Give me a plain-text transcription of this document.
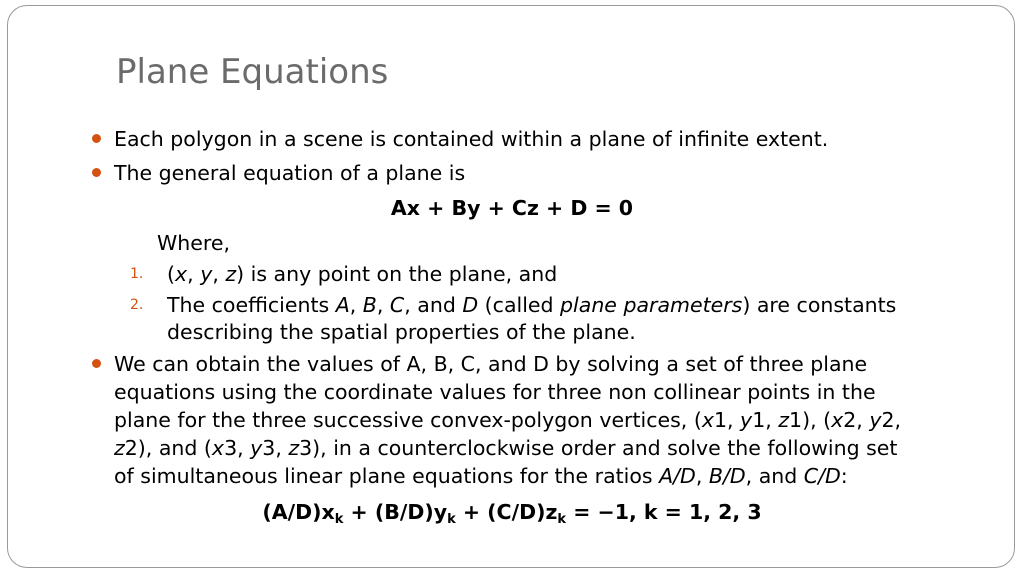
Plane Equations
Each polygon in a scene is contained within a plane of infinite extent.
The general equation of a plane is
Ax + By + Cz + D = 0
Where,
1. (x, y, z) is any point on the plane, and
2. The coefficients A, B, C, and D (called plane parameters) are constants
describing the spatial properties of the plane.
We can obtain the values of A, B, C, and D by solving a set of three plane
equations using the coordinate values for three non collinear points in the
plane for the three successive convex-polygon vertices, (x1, y1, z1), (x2, y2,
z2), and (x3, y3, z3), in a counterclockwise order and solve the following set
of simultaneous linear plane equations for the ratios A/D, B/D, and C/D:
$(A/D)x_k + (B/D)y_k + (C/D)z_k = -1$, k = 1, 2, 3
